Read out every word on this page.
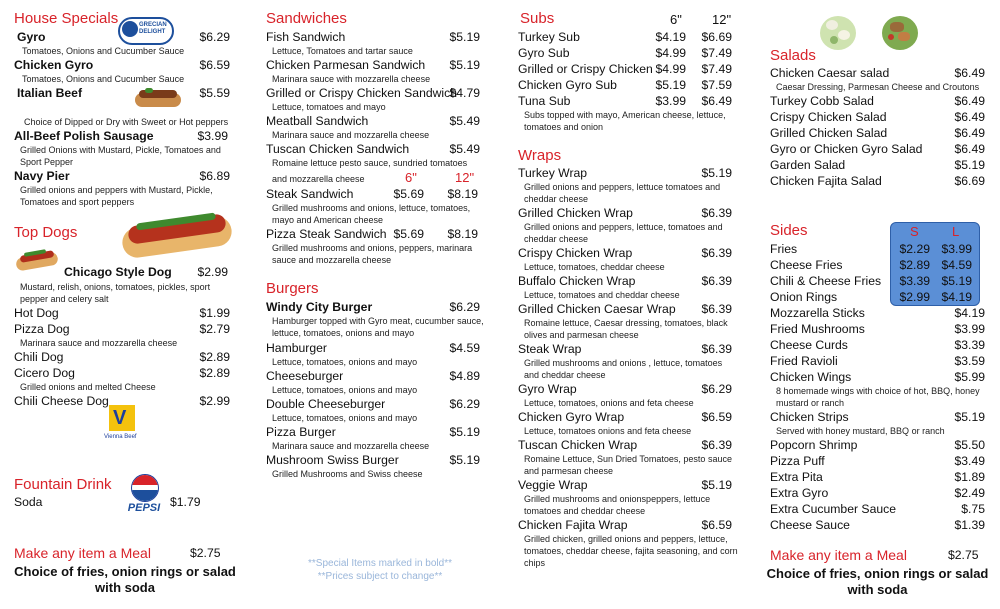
House Specials	GRECIAN DELIGHT
Gyro	$6.29
Tomatoes, Onions and Cucumber Sauce
Chicken Gyro	$6.59
Tomatoes, Onions and Cucumber Sauce
Italian Beef	$5.59
Choice of Dipped or Dry with Sweet or Hot peppers
All-Beef Polish Sausage	$3.99
Grilled Onions with Mustard, Pickle, Tomatoes and Sport Pepper
Navy Pier	$6.89
Grilled onions and peppers with Mustard, Pickle, Tomatoes and sport peppers
Top Dogs
Chicago Style Dog	$2.99
Mustard, relish, onions, tomatoes, pickles, sport pepper and celery salt
Hot Dog	$1.99
Pizza Dog	$2.79
Marinara sauce and mozzarella cheese
Chili Dog	$2.89
Cicero Dog	$2.89
Grilled onions and melted Cheese
Chili Cheese Dog	$2.99
V
Vienna Beef
Fountain Drink
Soda	PEPSI $1.79
Make any item a Meal	$2.75
Choice of fries, onion rings or salad
with soda
Sandwiches
Fish Sandwich	$5.19
Lettuce, Tomatoes and tartar sauce
Chicken Parmesan Sandwich	$5.19
Marinara sauce with mozzarella cheese
Grilled or Crispy Chicken Sandwich
$4.79
Lettuce, tomatoes and mayo
Meatball Sandwich	$5.49
Marinara sauce and mozzarella cheese
Tuscan Chicken Sandwich	$5.49
Romaine lettuce pesto sauce, sundried tomatoes
and mozzarella cheese	6"	12"
Steak Sandwich	$5.69	$8.19
Grilled mushrooms and onions, lettuce, tomatoes, mayo and American cheese
Pizza Steak Sandwich $5.69	$8.19
Grilled mushrooms and onions, peppers, marinara sauce and mozzarella cheese
Burgers
Windy City Burger	$6.29
Hamburger topped with Gyro meat, cucumber sauce, lettuce, tomatoes, onions and mayo
Hamburger	$4.59
Lettuce, tomatoes, onions and mayo
Cheeseburger	$4.89
Lettuce, tomatoes, onions and mayo
Double Cheeseburger	$6.29
Lettuce, tomatoes, onions and mayo
Pizza Burger	$5.19
Marinara sauce and mozzarella cheese
Mushroom Swiss Burger	$5.19
Grilled Mushrooms and Swiss cheese
**Special Items marked in bold**
**Prices subject to change**
Subs	6" 12"
Turkey Sub	$4.19	$6.69
Gyro Sub	$4.99	$7.49
Grilled or Crispy Chicken $4.99	$7.49
Chicken Gyro Sub	$5.19	$7.59
Tuna Sub	$3.99	$6.49
Subs topped with mayo, American cheese, lettuce, tomatoes and onion
Wraps
Turkey Wrap	$5.19
Grilled onions and peppers, lettuce tomatoes and cheddar cheese
Grilled Chicken Wrap	$6.39
Grilled onions and peppers, lettuce, tomatoes and cheddar cheese
Crispy Chicken Wrap	$6.39
Lettuce, tomatoes, cheddar cheese
Buffalo Chicken Wrap	$6.39
Lettuce, tomatoes and cheddar cheese
Grilled Chicken Caesar Wrap	$6.39
Romaine lettuce, Caesar dressing, tomatoes, black olives and parmesan cheese
Steak Wrap	$6.39
Grilled mushrooms and onions , lettuce, tomatoes and cheddar cheese
Gyro Wrap	$6.29
Lettuce, tomatoes, onions and feta cheese
Chicken Gyro Wrap	$6.59
Lettuce, tomatoes onions and feta cheese
Tuscan Chicken Wrap	$6.39
Romaine Lettuce, Sun Dried Tomatoes, pesto sauce and parmesan cheese
Veggie Wrap	$5.19
Grilled mushrooms and onionspeppers, lettuce tomatoes and cheddar cheese
Chicken Fajita Wrap	$6.59
Grilled chicken, grilled onions and peppers, lettuce, tomatoes, cheddar cheese, fajita seasoning, and corn chips
Salads
Chicken Caesar salad	$6.49
Caesar Dressing, Parmesan Cheese and Croutons
Turkey Cobb Salad	$6.49
Crispy Chicken Salad	$6.49
Grilled Chicken Salad	$6.49
Gyro or Chicken Gyro Salad	$6.49
Garden Salad	$5.19
Chicken Fajita Salad	$6.69
Sides	S	L
Fries	$2.29 $3.99
Cheese Fries	$2.89 $4.59
Chili & Cheese Fries	$3.39 $5.19
Onion Rings	$2.99 $4.19
Mozzarella Sticks	$4.19
Fried Mushrooms	$3.99
Cheese Curds	$3.39
Fried Ravioli	$3.59
Chicken Wings	$5.99
8 homemade wings with choice of hot, BBQ, honey mustard or ranch
Chicken Strips	$5.19
Served with honey mustard, BBQ or ranch
Popcorn Shrimp	$5.50
Pizza Puff	$3.49
Extra Pita	$1.89
Extra Gyro	$2.49
Extra Cucumber Sauce	$.75
Cheese Sauce	$1.39
Make any item a Meal	$2.75
Choice of fries, onion rings or salad
with soda
